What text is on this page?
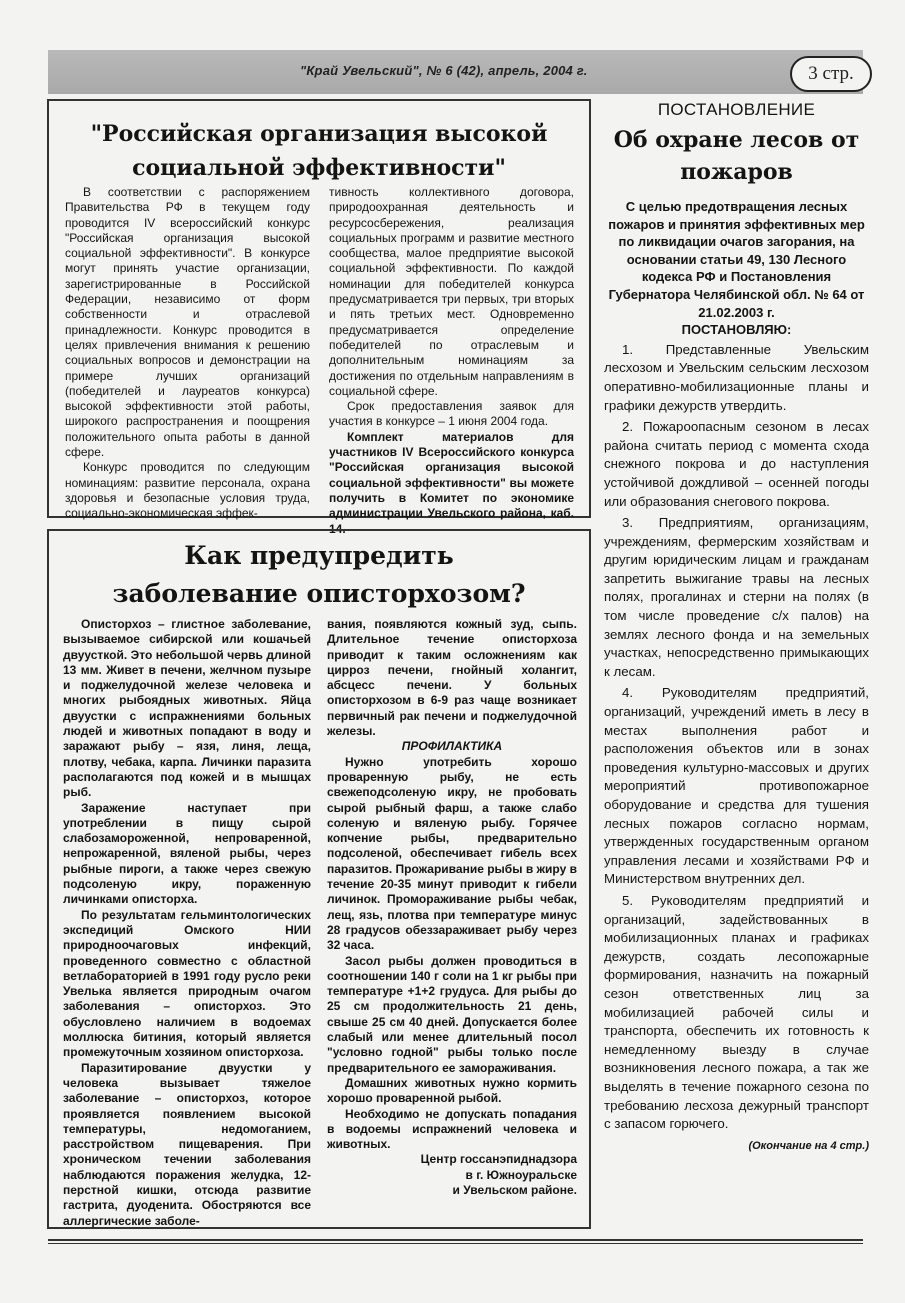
"Край Увельский", № 6 (42), апрель, 2004 г.	3 стр.
"Российская организация высокой социальной эффективности"

В соответствии с распоряжением Правительства РФ в текущем году проводится IV всероссийский конкурс "Российская организация высокой социальной эффективности". В конкурсе могут принять участие организации, зарегистрированные в Российской Федерации, независимо от форм собственности и отраслевой принадлежности. Конкурс проводится в целях привлечения внимания к решению социальных вопросов и демонстрации на примере лучших организаций (победителей и лауреатов конкурса) высокой эффективности этой работы, широкого распространения и поощрения положительного опыта работы в данной сфере.

Конкурс проводится по следующим номинациям: развитие персонала, охрана здоровья и безопасные условия труда, социально-экономическая эффек-

тивность коллективного договора, природоохранная деятельность и ресурсосбережения, реализация социальных программ и развитие местного сообщества, малое предприятие высокой социальной эффективности. По каждой номинации для победителей конкурса предусматривается три первых, три вторых и пять третьих мест. Одновременно предусматривается определение победителей по отраслевым и дополнительным номинациям за достижения по отдельным направлениям в социальной сфере.

Срок предоставления заявок для участия в конкурсе – 1 июня 2004 года.

Комплект материалов для участников IV Всероссийского конкурса "Российская организация высокой социальной эффективности" вы можете получить в Комитет по экономике администрации Увельского района, каб. 14.

Как предупредить заболевание описторхозом?

Описторхоз – глистное заболевание, вызываемое сибирской или кошачьей двуусткой. Это небольшой червь длиной 13 мм. Живет в печени, желчном пузыре и поджелудочной железе человека и многих рыбоядных животных. Яйца двуустки с испражнениями больных людей и животных попадают в воду и заражают рыбу – язя, линя, леща, плотву, чебака, карпа. Личинки паразита располагаются под кожей и в мышцах рыб.

Заражение наступает при употреблении в пищу сырой слабозамороженной, непроваренной, непрожаренной, вяленой рыбы, через рыбные пироги, а также через свежую подсоленую икру, пораженную личинками описторха.

По результатам гельминтологических экспедиций Омского НИИ природноочаговых инфекций, проведенного совместно с областной ветлабораторией в 1991 году русло реки Увелька является природным очагом заболевания – описторхоз. Это обусловлено наличием в водоемах моллюска битиния, который является промежуточным хозяином описторхоза.

Паразитирование двуустки у человека вызывает тяжелое заболевание – описторхоз, которое проявляется появлением высокой температуры, недомоганием, расстройством пищеварения. При хроническом течении заболевания наблюдаются поражения желудка, 12-перстной кишки, отсюда развитие гастрита, дуоденита. Обостряются все аллергические заболе-

вания, появляются кожный зуд, сыпь. Длительное течение описторхоза приводит к таким осложнениям как цирроз печени, гнойный холангит, абсцесс печени. У больных описторхозом в 6-9 раз чаще возникает первичный рак печени и поджелудочной железы.

ПРОФИЛАКТИКА

Нужно употребить хорошо проваренную рыбу, не есть свежеподсоленую икру, не пробовать сырой рыбный фарш, а также слабо соленую и вяленую рыбу. Горячее копчение рыбы, предварительно подсоленой, обеспечивает гибель всех паразитов. Прожаривание рыбы в жиру в течение 20-35 минут приводит к гибели личинок. Промораживание рыбы чебак, лещ, язь, плотва при температуре минус 28 градусов обеззараживает рыбу через 32 часа.

Засол рыбы должен проводиться в соотношении 140 г соли на 1 кг рыбы при температуре +1+2 грудуса. Для рыбы до 25 см продолжительность 21 день, свыше 25 см 40 дней. Допускается более слабый или менее длительный посол "условно годной" рыбы только после предварительного ее замораживания.

Домашних животных нужно кормить хорошо проваренной рыбой.

Необходимо не допускать попадания в водоемы испражнений человека и животных.

Центр госсанэпиднадзора

в г. Южноуральске

и Увельском районе.

ПОСТАНОВЛЕНИЕ
Об охране лесов от пожаров

С целью предотвращения лесных пожаров и принятия эффективных мер по ликвидации очагов загорания, на основании статьи 49, 130 Лесного кодекса РФ и Постановления Губернатора Челябинской обл. № 64 от 21.02.2003 г.

ПОСТАНОВЛЯЮ:

1. Представленные Увельским лесхозом и Увельским сельским лесхозом оперативно-мобилизационные планы и графики дежурств утвердить.

2. Пожароопасным сезоном в лесах района считать период с момента схода снежного покрова и до наступления устойчивой дождливой – осенней погоды или образования снегового покрова.

3. Предприятиям, организациям, учреждениям, фермерским хозяйствам и другим юридическим лицам и гражданам запретить выжигание травы на лесных полях, прогалинах и стерни на полях (в том числе проведение с/х палов) на землях лесного фонда и на земельных участках, непосредственно примыкающих к лесам.

4. Руководителям предприятий, организаций, учреждений иметь в лесу в местах выполнения работ и расположения объектов или в зонах проведения культурно-массовых и других мероприятий противопожарное оборудование и средства для тушения лесных пожаров согласно нормам, утвержденных государственным органом управления лесами и хозяйствами РФ и Министерством внутренних дел.

5. Руководителям предприятий и организаций, задействованных в мобилизационных планах и графиках дежурств, создать лесопожарные формирования, назначить на пожарный сезон ответственных лиц за мобилизацией рабочей силы и транспорта, обеспечить их готовность к немедленному выезду в случае возникновения лесного пожара, а так же выделять в течение пожарного сезона по требованию лесхоза дежурный транспорт с запасом горючего.

(Окончание на 4 стр.)
